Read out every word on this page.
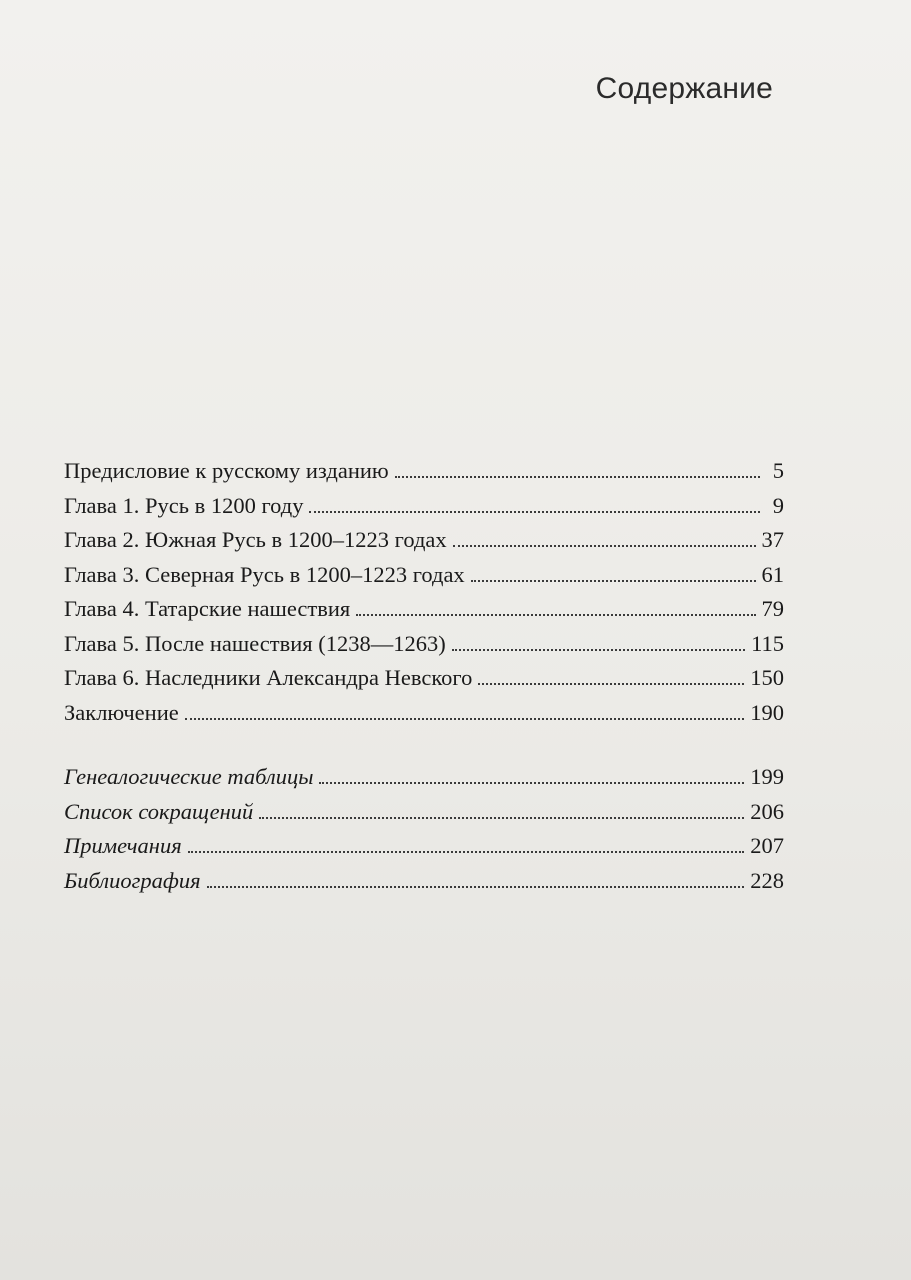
Содержание
Предисловие к русскому изданию	5
Глава 1. Русь в 1200 году	9
Глава 2. Южная Русь в 1200–1223 годах	37
Глава 3. Северная Русь в 1200–1223 годах	61
Глава 4. Татарские нашествия	79
Глава 5. После нашествия (1238—1263)	115
Глава 6. Наследники Александра Невского	150
Заключение	190
Генеалогические таблицы	199
Список сокращений	206
Примечания	207
Библиография	228
